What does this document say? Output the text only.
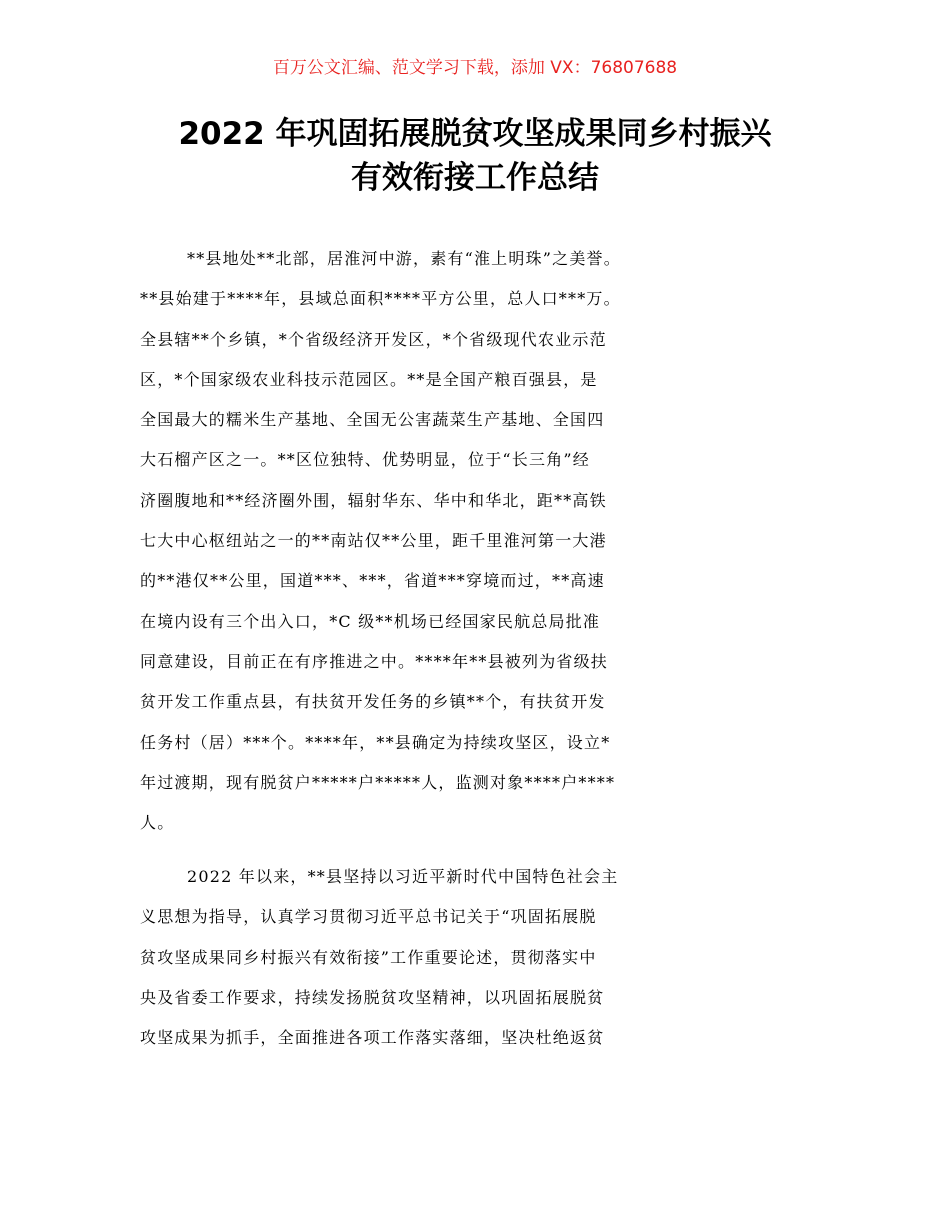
百万公文汇编、范文学习下载，添加 VX：76807688
2022 年巩固拓展脱贫攻坚成果同乡村振兴
有效衔接工作总结
**县地处**北部，居淮河中游，素有“淮上明珠”之美誉。
**县始建于****年，县域总面积****平方公里，总人口***万。
全县辖**个乡镇，*个省级经济开发区，*个省级现代农业示范
区，*个国家级农业科技示范园区。**是全国产粮百强县，是
全国最大的糯米生产基地、全国无公害蔬菜生产基地、全国四
大石榴产区之一。**区位独特、优势明显，位于“长三角”经
济圈腹地和**经济圈外围，辐射华东、华中和华北，距**高铁
七大中心枢纽站之一的**南站仅**公里，距千里淮河第一大港
的**港仅**公里，国道***、***，省道***穿境而过，**高速
在境内设有三个出入口，*C 级**机场已经国家民航总局批准
同意建设，目前正在有序推进之中。****年**县被列为省级扶
贫开发工作重点县，有扶贫开发任务的乡镇**个，有扶贫开发
任务村（居）***个。****年，**县确定为持续攻坚区，设立*
年过渡期，现有脱贫户*****户*****人，监测对象****户****
人。
2022 年以来，**县坚持以习近平新时代中国特色社会主
义思想为指导，认真学习贯彻习近平总书记关于“巩固拓展脱
贫攻坚成果同乡村振兴有效衔接”工作重要论述，贯彻落实中
央及省委工作要求，持续发扬脱贫攻坚精神，以巩固拓展脱贫
攻坚成果为抓手，全面推进各项工作落实落细，坚决杜绝返贫
